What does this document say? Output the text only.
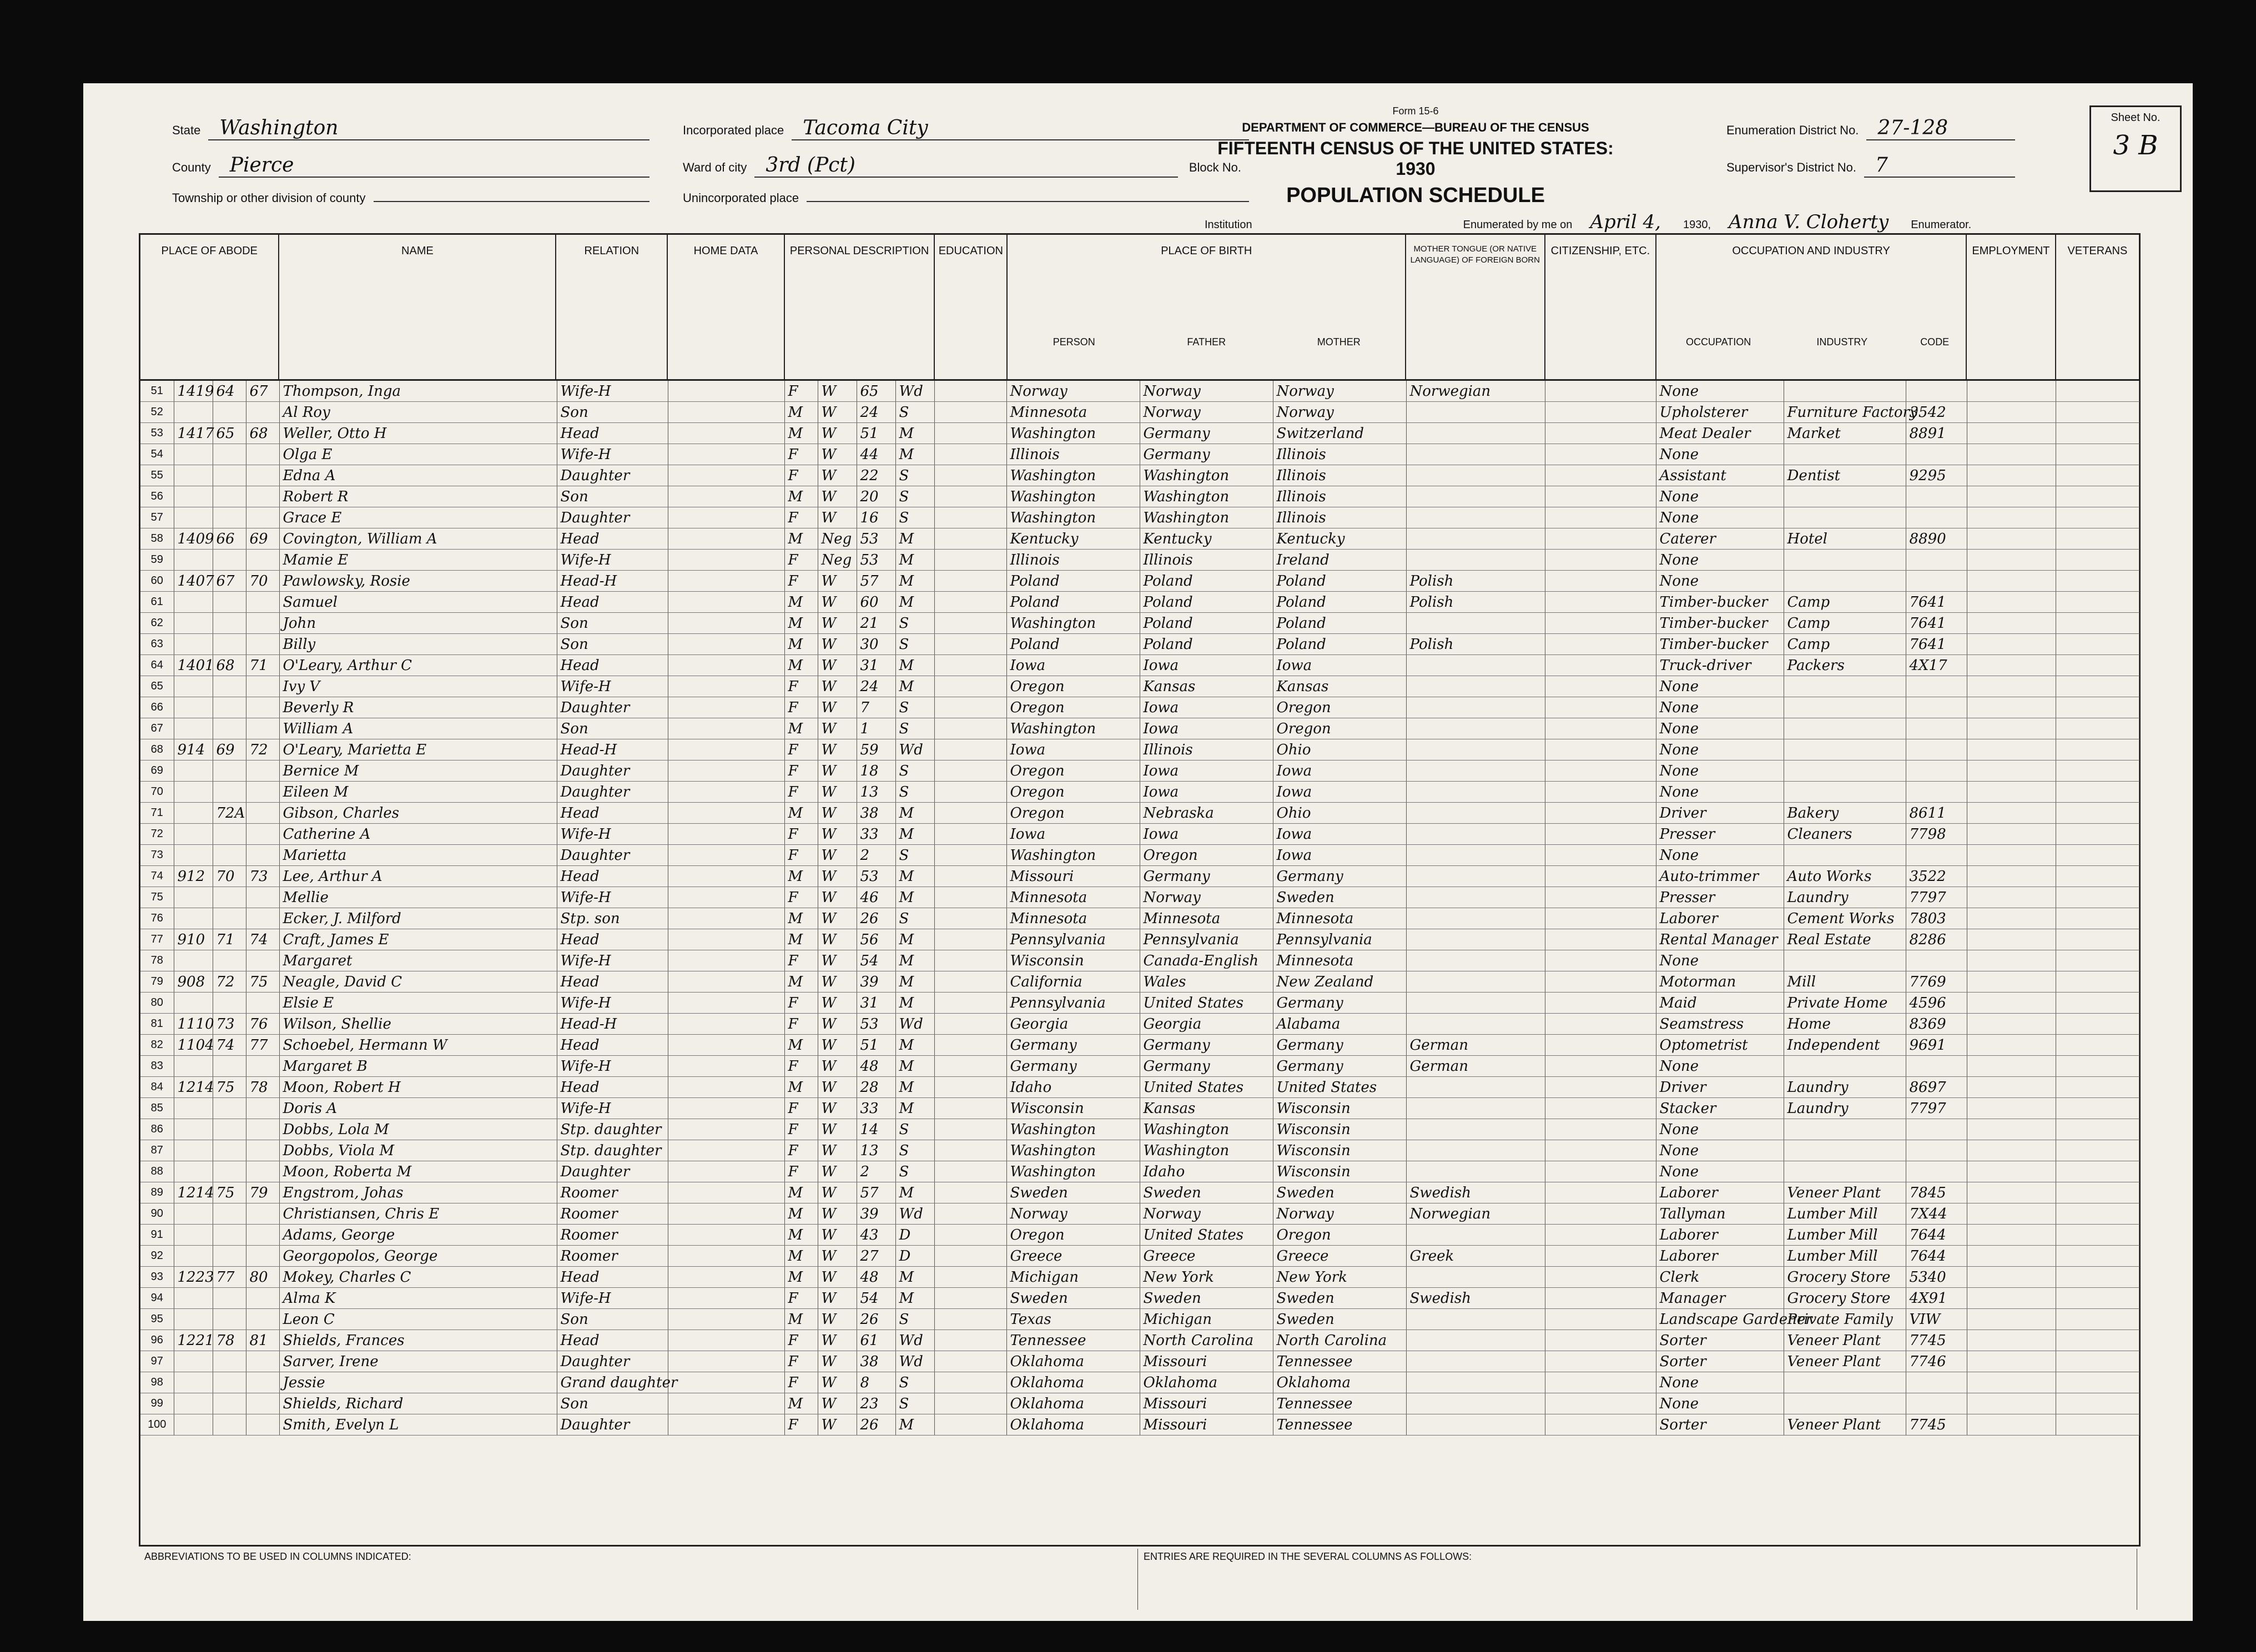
State Washington
County Pierce
Township or other division of county
Incorporated place Tacoma City
Ward of city 3rd (Pct)	Block No.
Unincorporated place
Form 15-6
DEPARTMENT OF COMMERCE—BUREAU OF THE CENSUS
FIFTEENTH CENSUS OF THE UNITED STATES: 1930
POPULATION SCHEDULE
Enumeration District No. 27-128
Supervisor's District No. 7
Sheet No.
3 B
Institution	Enumerated by me on April 4,	1930, Anna V. Cloherty	Enumerator.
PLACE OF ABODE	NAME	RELATION	HOME DATA	PERSONAL DESCRIPTION EDUCATION	PLACE OF BIRTH
PERSON	FATHER	MOTHER
MOTHER TONGUE (OR NATIVE LANGUAGE) OF FOREIGN BORN
CITIZENSHIP, ETC.	OCCUPATION AND INDUSTRY
OCCUPATION	INDUSTRY	CODE
EMPLOYMENT	VETERANS
51	1419	64	67	Thompson, Inga	Wife-H		F	W	65	Wd		Norway	Norway	Norway	Norwegian		None				
52				Al Roy	Son		M	W	24	S		Minnesota	Norway	Norway			Upholsterer	Furniture Factory	3542		
53	1417	65	68	Weller, Otto H	Head		M	W	51	M		Washington	Germany	Switzerland			Meat Dealer	Market	8891		
54				Olga E	Wife-H		F	W	44	M		Illinois	Germany	Illinois			None				
55				Edna A	Daughter		F	W	22	S		Washington	Washington	Illinois			Assistant	Dentist	9295		
56				Robert R	Son		M	W	20	S		Washington	Washington	Illinois			None				
57				Grace E	Daughter		F	W	16	S		Washington	Washington	Illinois			None				
58	1409	66	69	Covington, William A	Head		M	Neg	53	M		Kentucky	Kentucky	Kentucky			Caterer	Hotel	8890		
59				Mamie E	Wife-H		F	Neg	53	M		Illinois	Illinois	Ireland			None				
60	1407	67	70	Pawlowsky, Rosie	Head-H		F	W	57	M		Poland	Poland	Poland	Polish		None				
61				Samuel	Head		M	W	60	M		Poland	Poland	Poland	Polish		Timber-bucker	Camp	7641		
62				John	Son		M	W	21	S		Washington	Poland	Poland			Timber-bucker	Camp	7641		
63				Billy	Son		M	W	30	S		Poland	Poland	Poland	Polish		Timber-bucker	Camp	7641		
64	1401	68	71	O'Leary, Arthur C	Head		M	W	31	M		Iowa	Iowa	Iowa			Truck-driver	Packers	4X17		
65				Ivy V	Wife-H		F	W	24	M		Oregon	Kansas	Kansas			None				
66				Beverly R	Daughter		F	W	7	S		Oregon	Iowa	Oregon			None				
67				William A	Son		M	W	1	S		Washington	Iowa	Oregon			None				
68	914	69	72	O'Leary, Marietta E	Head-H		F	W	59	Wd		Iowa	Illinois	Ohio			None				
69				Bernice M	Daughter		F	W	18	S		Oregon	Iowa	Iowa			None				
70				Eileen M	Daughter		F	W	13	S		Oregon	Iowa	Iowa			None				
71		72A		Gibson, Charles	Head		M	W	38	M		Oregon	Nebraska	Ohio			Driver	Bakery	8611		
72				Catherine A	Wife-H		F	W	33	M		Iowa	Iowa	Iowa			Presser	Cleaners	7798		
73				Marietta	Daughter		F	W	2	S		Washington	Oregon	Iowa			None				
74	912	70	73	Lee, Arthur A	Head		M	W	53	M		Missouri	Germany	Germany			Auto-trimmer	Auto Works	3522		
75				Mellie	Wife-H		F	W	46	M		Minnesota	Norway	Sweden			Presser	Laundry	7797		
76				Ecker, J. Milford	Stp. son		M	W	26	S		Minnesota	Minnesota	Minnesota			Laborer	Cement Works	7803		
77	910	71	74	Craft, James E	Head		M	W	56	M		Pennsylvania	Pennsylvania	Pennsylvania			Rental Manager	Real Estate	8286		
78				Margaret	Wife-H		F	W	54	M		Wisconsin	Canada-English	Minnesota			None				
79	908	72	75	Neagle, David C	Head		M	W	39	M		California	Wales	New Zealand			Motorman	Mill	7769		
80				Elsie E	Wife-H		F	W	31	M		Pennsylvania	United States	Germany			Maid	Private Home	4596		
81	1110	73	76	Wilson, Shellie	Head-H		F	W	53	Wd		Georgia	Georgia	Alabama			Seamstress	Home	8369		
82	1104	74	77	Schoebel, Hermann W	Head		M	W	51	M		Germany	Germany	Germany	German		Optometrist	Independent	9691		
83				Margaret B	Wife-H		F	W	48	M		Germany	Germany	Germany	German		None				
84	1214	75	78	Moon, Robert H	Head		M	W	28	M		Idaho	United States	United States			Driver	Laundry	8697		
85				Doris A	Wife-H		F	W	33	M		Wisconsin	Kansas	Wisconsin			Stacker	Laundry	7797		
86				Dobbs, Lola M	Stp. daughter		F	W	14	S		Washington	Washington	Wisconsin			None				
87				Dobbs, Viola M	Stp. daughter		F	W	13	S		Washington	Washington	Wisconsin			None				
88				Moon, Roberta M	Daughter		F	W	2	S		Washington	Idaho	Wisconsin			None				
89	1214	75	79	Engstrom, Johas	Roomer		M	W	57	M		Sweden	Sweden	Sweden	Swedish		Laborer	Veneer Plant	7845		
90				Christiansen, Chris E	Roomer		M	W	39	Wd		Norway	Norway	Norway	Norwegian		Tallyman	Lumber Mill	7X44		
91				Adams, George	Roomer		M	W	43	D		Oregon	United States	Oregon			Laborer	Lumber Mill	7644		
92				Georgopolos, George	Roomer		M	W	27	D		Greece	Greece	Greece	Greek		Laborer	Lumber Mill	7644		
93	1223	77	80	Mokey, Charles C	Head		M	W	48	M		Michigan	New York	New York			Clerk	Grocery Store	5340		
94				Alma K	Wife-H		F	W	54	M		Sweden	Sweden	Sweden	Swedish		Manager	Grocery Store	4X91		
95				Leon C	Son		M	W	26	S		Texas	Michigan	Sweden			Landscape Gardener	Private Family	VIW		
96	1221	78	81	Shields, Frances	Head		F	W	61	Wd		Tennessee	North Carolina	North Carolina			Sorter	Veneer Plant	7745		
97				Sarver, Irene	Daughter		F	W	38	Wd		Oklahoma	Missouri	Tennessee			Sorter	Veneer Plant	7746		
98				Jessie	Grand daughter		F	W	8	S		Oklahoma	Oklahoma	Oklahoma			None				
99				Shields, Richard	Son		M	W	23	S		Oklahoma	Missouri	Tennessee			None				
100				Smith, Evelyn L	Daughter		F	W	26	M		Oklahoma	Missouri	Tennessee			Sorter	Veneer Plant	7745		
ABBREVIATIONS TO BE USED IN COLUMNS INDICATED:	ENTRIES ARE REQUIRED IN THE SEVERAL COLUMNS AS FOLLOWS:
